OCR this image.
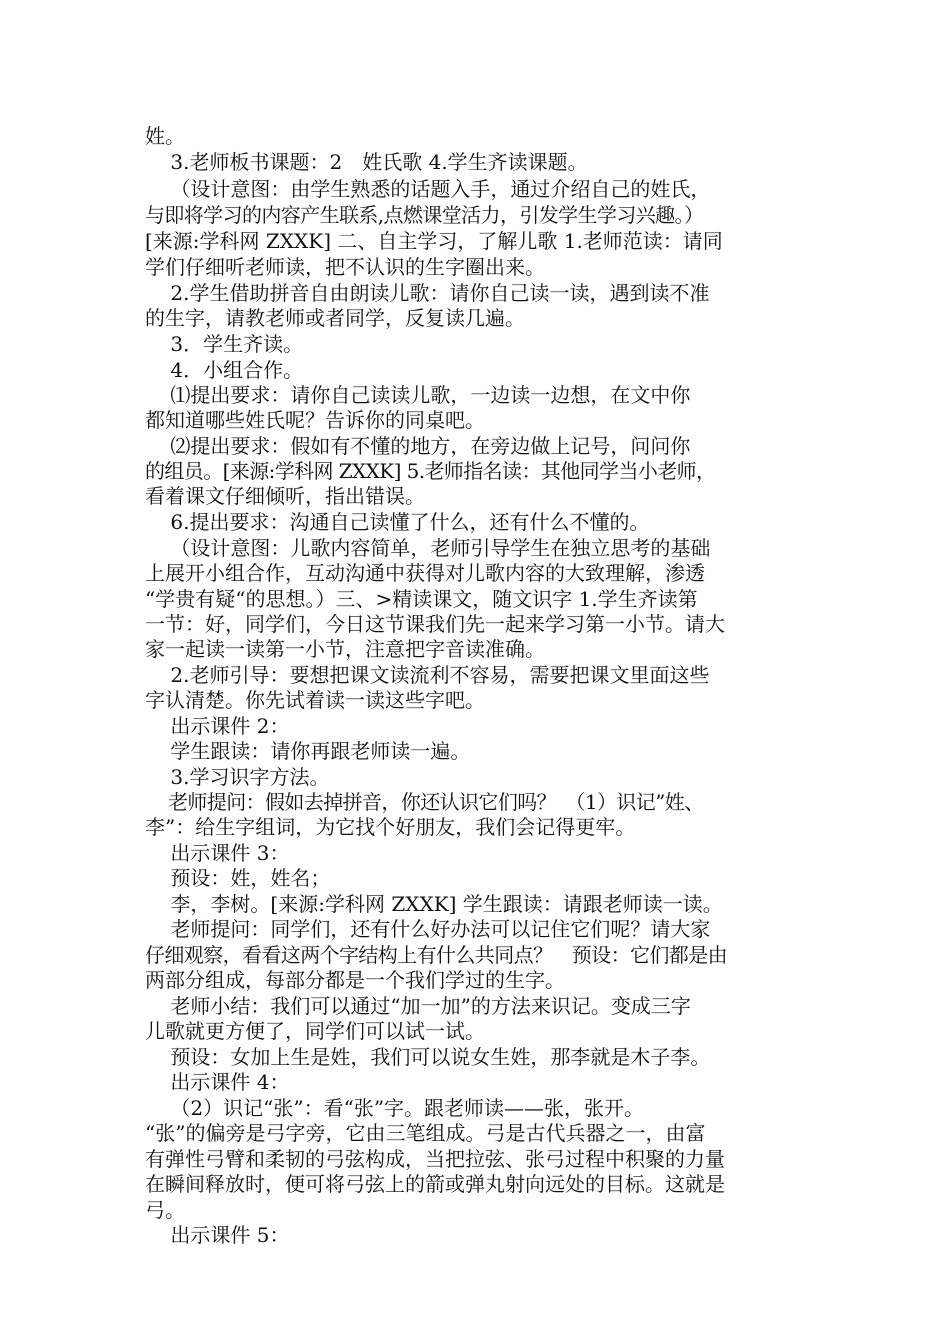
姓。
3.老师板书课题：2　姓氏歌 4.学生齐读课题。
（设计意图：由学生熟悉的话题入手，通过介绍自己的姓氏，
与即将学习的内容产生联系,点燃课堂活力，引发学生学习兴趣。）
[来源:学科网 ZXXK] 二、自主学习，了解儿歌 1.老师范读：请同
学们仔细听老师读，把不认识的生字圈出来。
2.学生借助拼音自由朗读儿歌：请你自己读一读，遇到读不准
的生字，请教老师或者同学，反复读几遍。
3．学生齐读。
4．小组合作。
⑴提出要求：请你自己读读儿歌，一边读一边想，在文中你
都知道哪些姓氏呢？告诉你的同桌吧。
⑵提出要求：假如有不懂的地方，在旁边做上记号，问问你
的组员。[来源:学科网 ZXXK] 5.老师指名读：其他同学当小老师，
看着课文仔细倾听，指出错误。
6.提出要求：沟通自己读懂了什么，还有什么不懂的。
（设计意图：儿歌内容简单，老师引导学生在独立思考的基础
上展开小组合作，互动沟通中获得对儿歌内容的大致理解，渗透
“学贵有疑“的思想。）三、>精读课文，随文识字 1.学生齐读第
一节：好，同学们，今日这节课我们先一起来学习第一小节。请大
家一起读一读第一小节，注意把字音读准确。
2.老师引导：要想把课文读流利不容易，需要把课文里面这些
字认清楚。你先试着读一读这些字吧。
出示课件 2：
学生跟读：请你再跟老师读一遍。
3.学习识字方法。
老师提问：假如去掉拼音，你还认识它们吗？　（1）识记”姓、
李”：给生字组词，为它找个好朋友，我们会记得更牢。
出示课件 3：
预设：姓，姓名；
李，李树。[来源:学科网 ZXXK] 学生跟读：请跟老师读一读。
老师提问：同学们，还有什么好办法可以记住它们呢？请大家
仔细观察，看看这两个字结构上有什么共同点？　预设：它们都是由
两部分组成，每部分都是一个我们学过的生字。
老师小结：我们可以通过“加一加”的方法来识记。变成三字
儿歌就更方便了，同学们可以试一试。
预设：女加上生是姓，我们可以说女生姓，那李就是木子李。
出示课件 4：
（2）识记“张”：看“张”字。跟老师读——张，张开。
“张”的偏旁是弓字旁，它由三笔组成。弓是古代兵器之一，由富
有弹性弓臂和柔韧的弓弦构成，当把拉弦、张弓过程中积聚的力量
在瞬间释放时，便可将弓弦上的箭或弹丸射向远处的目标。这就是
弓。
出示课件 5：
